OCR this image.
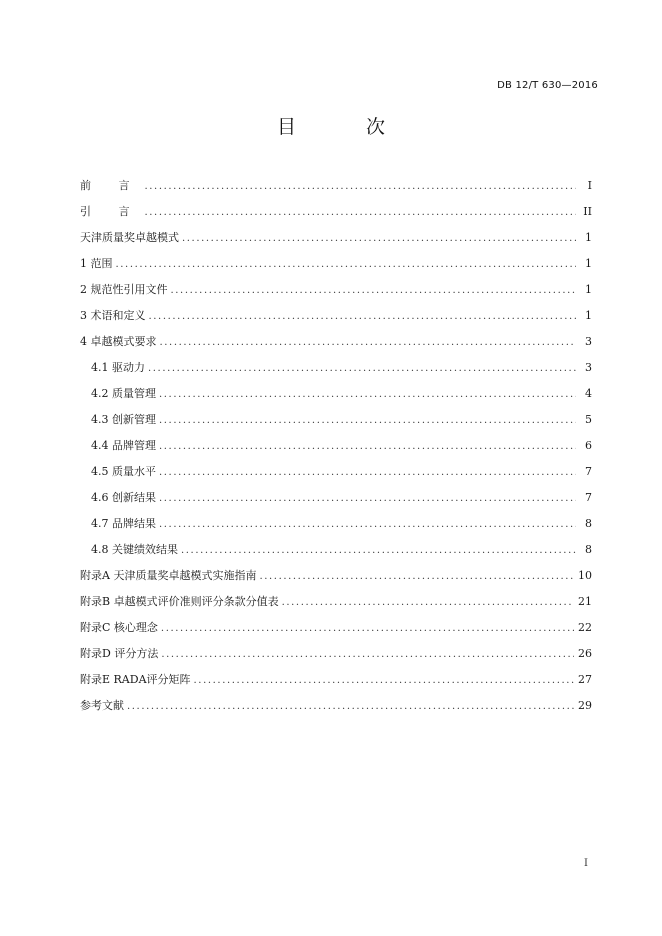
DB 12/T 630—2016
目 次
前 言 .....	I
引 言 .....	II
天津质量奖卓越模式 .....	1
1 范围 .....	1
2 规范性引用文件 .....	1
3 术语和定义 .....	1
4 卓越模式要求 .....	3
4.1 驱动力 .....	3
4.2 质量管理 .....	4
4.3 创新管理 .....	5
4.4 品牌管理 .....	6
4.5 质量水平 .....	7
4.6 创新结果 .....	7
4.7 品牌结果 .....	8
4.8 关键绩效结果 .....	8
附录A 天津质量奖卓越模式实施指南 .....	10
附录B 卓越模式评价准则评分条款分值表 .....	21
附录C 核心理念 .....	22
附录D 评分方法 .....	26
附录E RADA评分矩阵 .....	27
参考文献 .....	29
I
